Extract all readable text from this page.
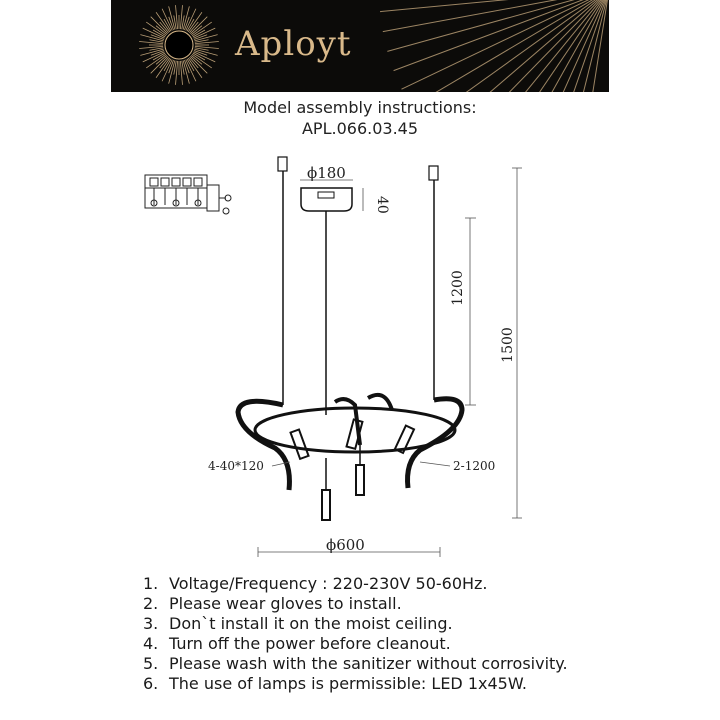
Aployt
Model assembly instructions:
APL.066.03.45
ϕ180
40
1200
1500
4-40*120	2-1200
ϕ600
1. Voltage/Frequency : 220-230V 50-60Hz.
2. Please wear gloves to install.
3. Don`t install it on the moist ceiling.
4. Turn off the power before cleanout.
5. Please wash with the sanitizer without corrosivity.
6. The use of lamps is permissible: LED 1x45W.
